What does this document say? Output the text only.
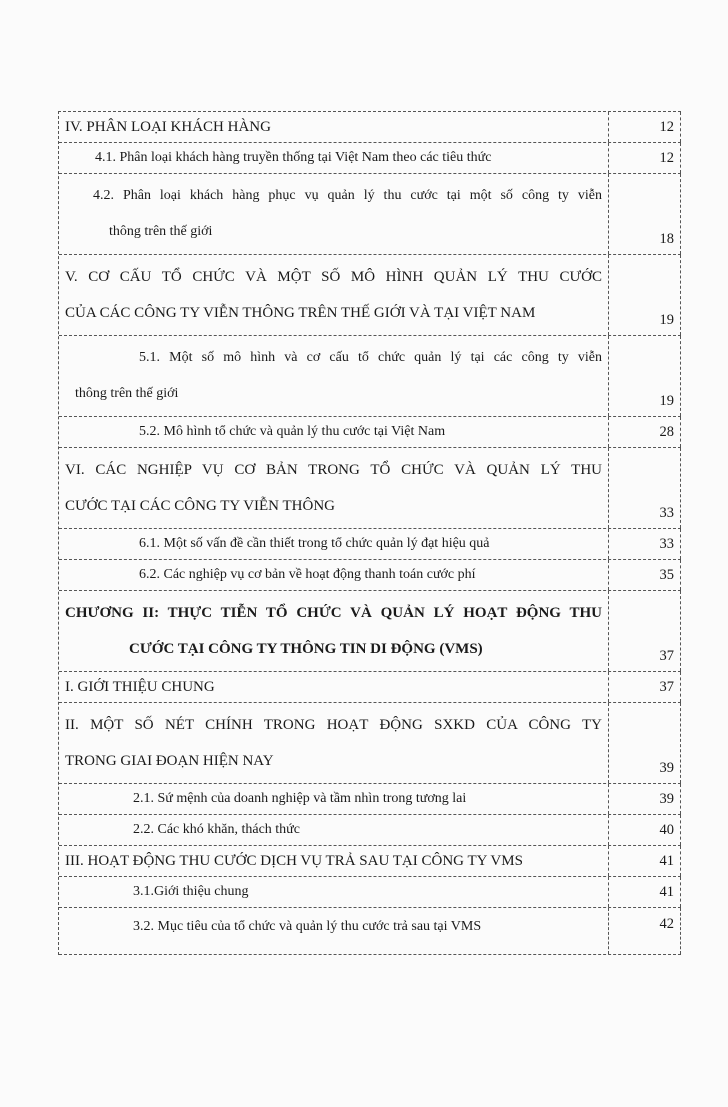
IV. PHÂN LOẠI KHÁCH HÀNG	12
4.1. Phân loại khách hàng truyền thống tại Việt Nam theo các tiêu thức	12
4.2. Phân loại khách hàng phục vụ quản lý thu cước tại một số công ty viễn
thông trên thế giới	18
V. CƠ CẤU TỔ CHỨC VÀ MỘT SỐ MÔ HÌNH QUẢN LÝ THU CƯỚC
CỦA CÁC CÔNG TY VIỄN THÔNG TRÊN THẾ GIỚI VÀ TẠI VIỆT NAM	19
5.1. Một số mô hình và cơ cấu tổ chức quản lý tại các công ty viễn
thông trên thế giới	19
5.2. Mô hình tổ chức và quản lý thu cước tại Việt Nam	28
VI. CÁC NGHIỆP VỤ CƠ BẢN TRONG TỔ CHỨC VÀ QUẢN LÝ THU
CƯỚC TẠI CÁC CÔNG TY VIỄN THÔNG	33
6.1. Một số vấn đề cần thiết trong tổ chức quản lý đạt hiệu quả	33
6.2. Các nghiệp vụ cơ bản về hoạt động thanh toán cước phí	35
CHƯƠNG II: THỰC TIỄN TỔ CHỨC VÀ QUẢN LÝ HOẠT ĐỘNG THU
CƯỚC TẠI CÔNG TY THÔNG TIN DI ĐỘNG (VMS)	37
I. GIỚI THIỆU CHUNG	37
II. MỘT SỐ NÉT CHÍNH TRONG HOẠT ĐỘNG SXKD CỦA CÔNG TY
TRONG GIAI ĐOẠN HIỆN NAY	39
2.1. Sứ mệnh của doanh nghiệp và tầm nhìn trong tương lai	39
2.2. Các khó khăn, thách thức	40
III. HOẠT ĐỘNG THU CƯỚC DỊCH VỤ TRẢ SAU TẠI CÔNG TY VMS	41
3.1.Giới thiệu chung	41
3.2. Mục tiêu của tổ chức và quản lý thu cước trả sau tại VMS	42
